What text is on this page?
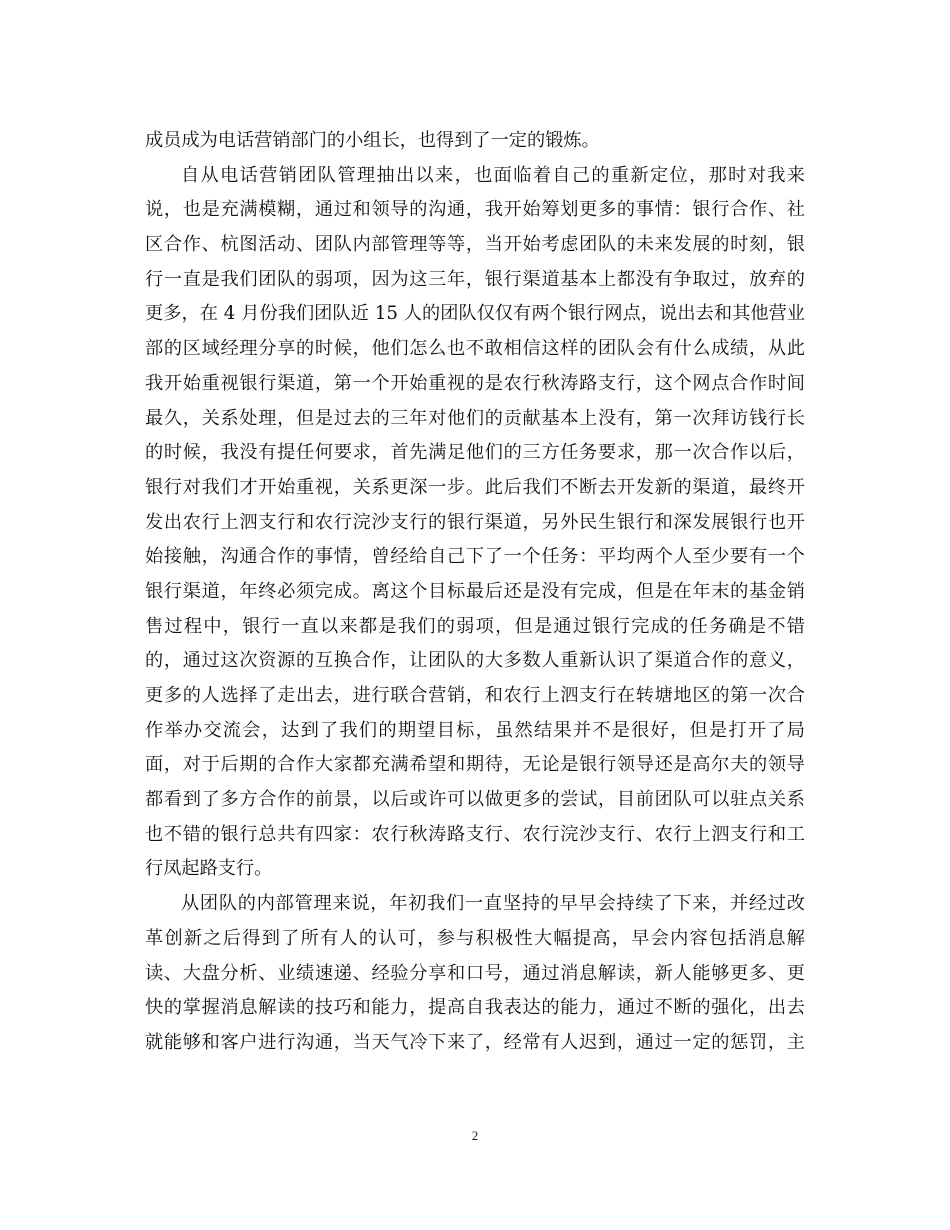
成员成为电话营销部门的小组长，也得到了一定的锻炼。
自从电话营销团队管理抽出以来，也面临着自己的重新定位，那时对我来
说，也是充满模糊，通过和领导的沟通，我开始筹划更多的事情：银行合作、社
区合作、杭图活动、团队内部管理等等，当开始考虑团队的未来发展的时刻，银
行一直是我们团队的弱项，因为这三年，银行渠道基本上都没有争取过，放弃的
更多，在 4 月份我们团队近 15 人的团队仅仅有两个银行网点，说出去和其他营业
部的区域经理分享的时候，他们怎么也不敢相信这样的团队会有什么成绩，从此
我开始重视银行渠道，第一个开始重视的是农行秋涛路支行，这个网点合作时间
最久，关系处理，但是过去的三年对他们的贡献基本上没有，第一次拜访钱行长
的时候，我没有提任何要求，首先满足他们的三方任务要求，那一次合作以后，
银行对我们才开始重视，关系更深一步。此后我们不断去开发新的渠道，最终开
发出农行上泗支行和农行浣沙支行的银行渠道，另外民生银行和深发展银行也开
始接触，沟通合作的事情，曾经给自己下了一个任务：平均两个人至少要有一个
银行渠道，年终必须完成。离这个目标最后还是没有完成，但是在年末的基金销
售过程中，银行一直以来都是我们的弱项，但是通过银行完成的任务确是不错
的，通过这次资源的互换合作，让团队的大多数人重新认识了渠道合作的意义，
更多的人选择了走出去，进行联合营销，和农行上泗支行在转塘地区的第一次合
作举办交流会，达到了我们的期望目标，虽然结果并不是很好，但是打开了局
面，对于后期的合作大家都充满希望和期待，无论是银行领导还是高尔夫的领导
都看到了多方合作的前景，以后或许可以做更多的尝试，目前团队可以驻点关系
也不错的银行总共有四家：农行秋涛路支行、农行浣沙支行、农行上泗支行和工
行凤起路支行。
从团队的内部管理来说，年初我们一直坚持的早早会持续了下来，并经过改
革创新之后得到了所有人的认可，参与积极性大幅提高，早会内容包括消息解
读、大盘分析、业绩速递、经验分享和口号，通过消息解读，新人能够更多、更
快的掌握消息解读的技巧和能力，提高自我表达的能力，通过不断的强化，出去
就能够和客户进行沟通，当天气冷下来了，经常有人迟到，通过一定的惩罚，主
2
